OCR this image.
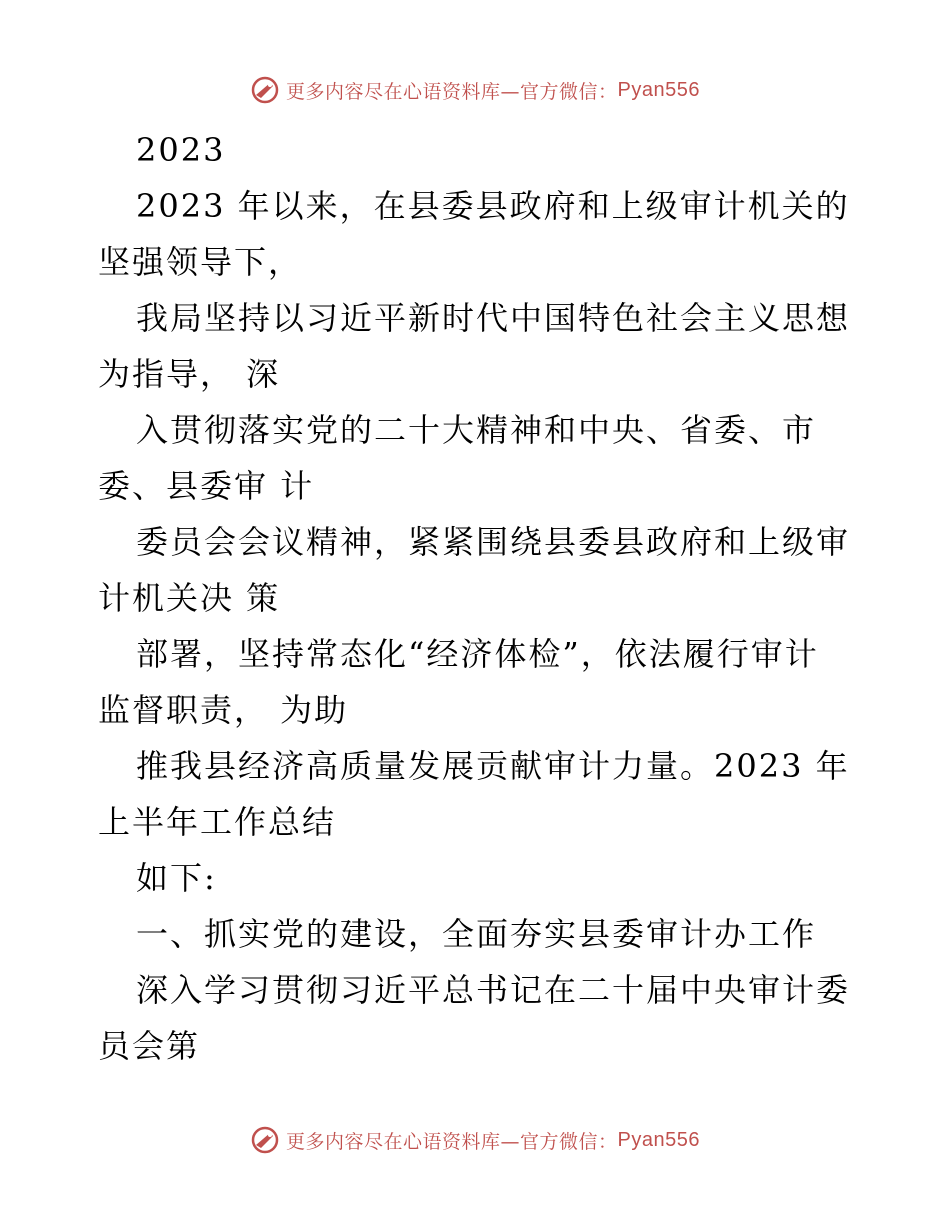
更多内容尽在心语资料库—官方微信： Pyan556
2023
2023 年以来，在县委县政府和上级审计机关的
坚强领导下，
我局坚持以习近平新时代中国特色社会主义思想
为指导， 深
入贯彻落实党的二十大精神和中央、省委、市
委、县委审 计
委员会会议精神，紧紧围绕县委县政府和上级审
计机关决 策
部署，坚持常态化“经济体检”，依法履行审计
监督职责， 为助
推我县经济高质量发展贡献审计力量。2023 年
上半年工作总结
如下:
一、抓实党的建设，全面夯实县委审计办工作
深入学习贯彻习近平总书记在二十届中央审计委
员会第
更多内容尽在心语资料库—官方微信： Pyan556
